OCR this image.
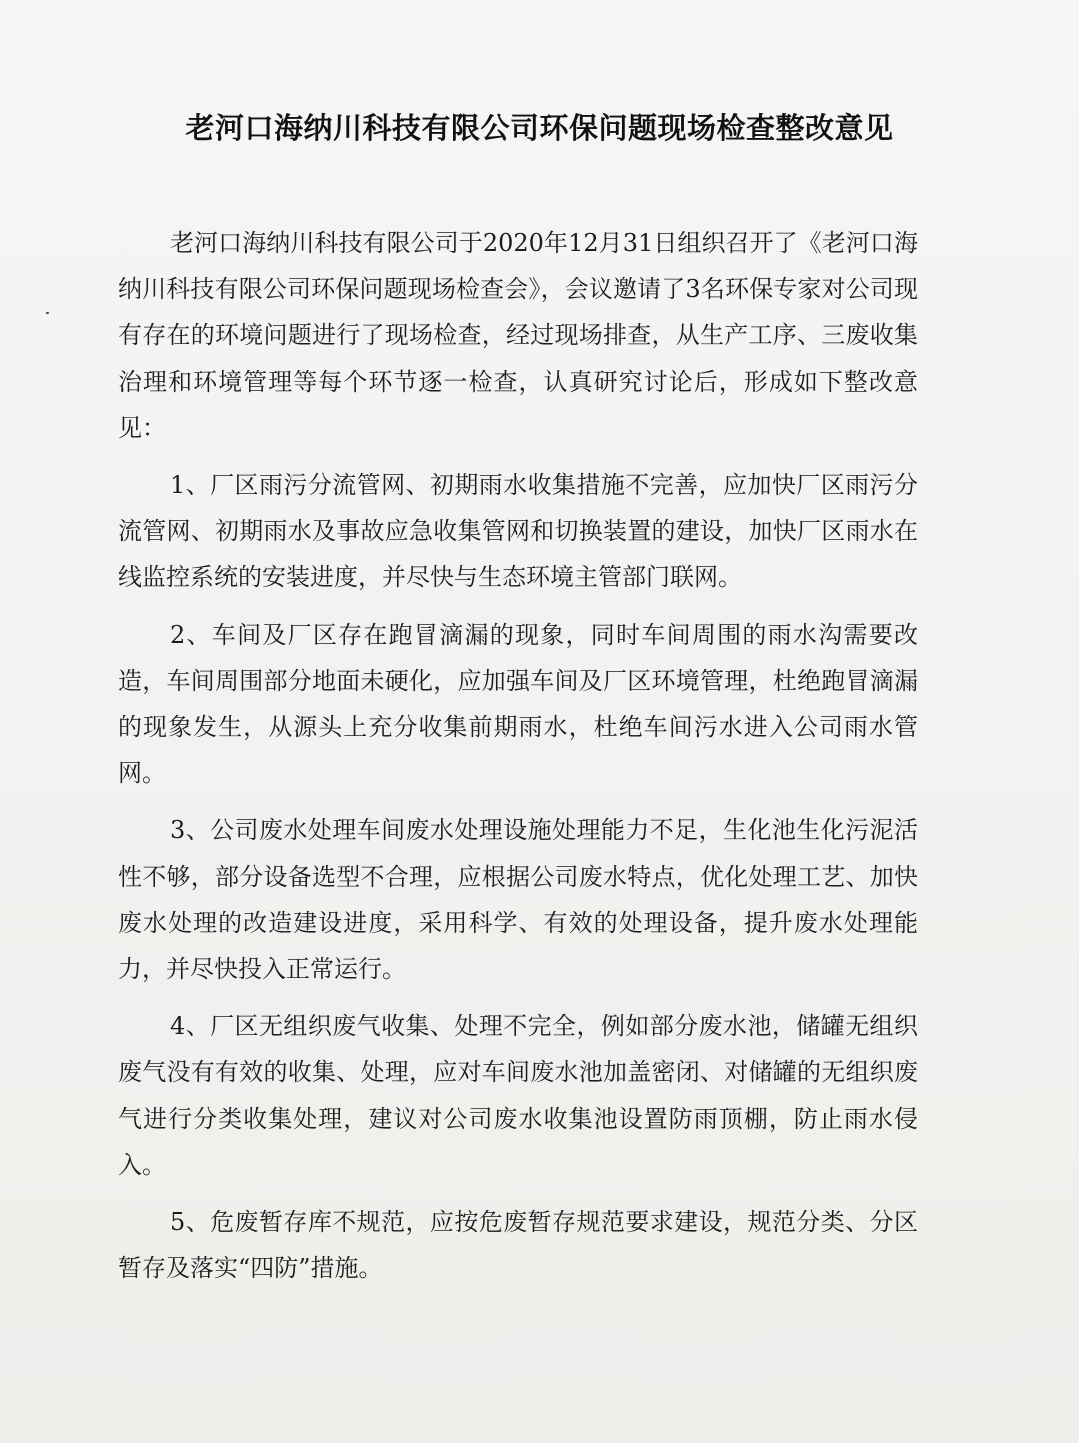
老河口海纳川科技有限公司环保问题现场检查整改意见

老河口海纳川科技有限公司于2020年12月31日组织召开了《老河口海纳川科技有限公司环保问题现场检查会》，会议邀请了3名环保专家对公司现有存在的环境问题进行了现场检查，经过现场排查，从生产工序、三废收集治理和环境管理等每个环节逐一检查，认真研究讨论后，形成如下整改意见：

1、厂区雨污分流管网、初期雨水收集措施不完善，应加快厂区雨污分流管网、初期雨水及事故应急收集管网和切换装置的建设，加快厂区雨水在线监控系统的安装进度，并尽快与生态环境主管部门联网。

2、车间及厂区存在跑冒滴漏的现象，同时车间周围的雨水沟需要改造，车间周围部分地面未硬化，应加强车间及厂区环境管理，杜绝跑冒滴漏的现象发生，从源头上充分收集前期雨水，杜绝车间污水进入公司雨水管网。

3、公司废水处理车间废水处理设施处理能力不足，生化池生化污泥活性不够，部分设备选型不合理，应根据公司废水特点，优化处理工艺、加快废水处理的改造建设进度，采用科学、有效的处理设备，提升废水处理能力，并尽快投入正常运行。

4、厂区无组织废气收集、处理不完全，例如部分废水池，储罐无组织废气没有有效的收集、处理，应对车间废水池加盖密闭、对储罐的无组织废气进行分类收集处理，建议对公司废水收集池设置防雨顶棚，防止雨水侵入。

5、危废暂存库不规范，应按危废暂存规范要求建设，规范分类、分区暂存及落实“四防”措施。
